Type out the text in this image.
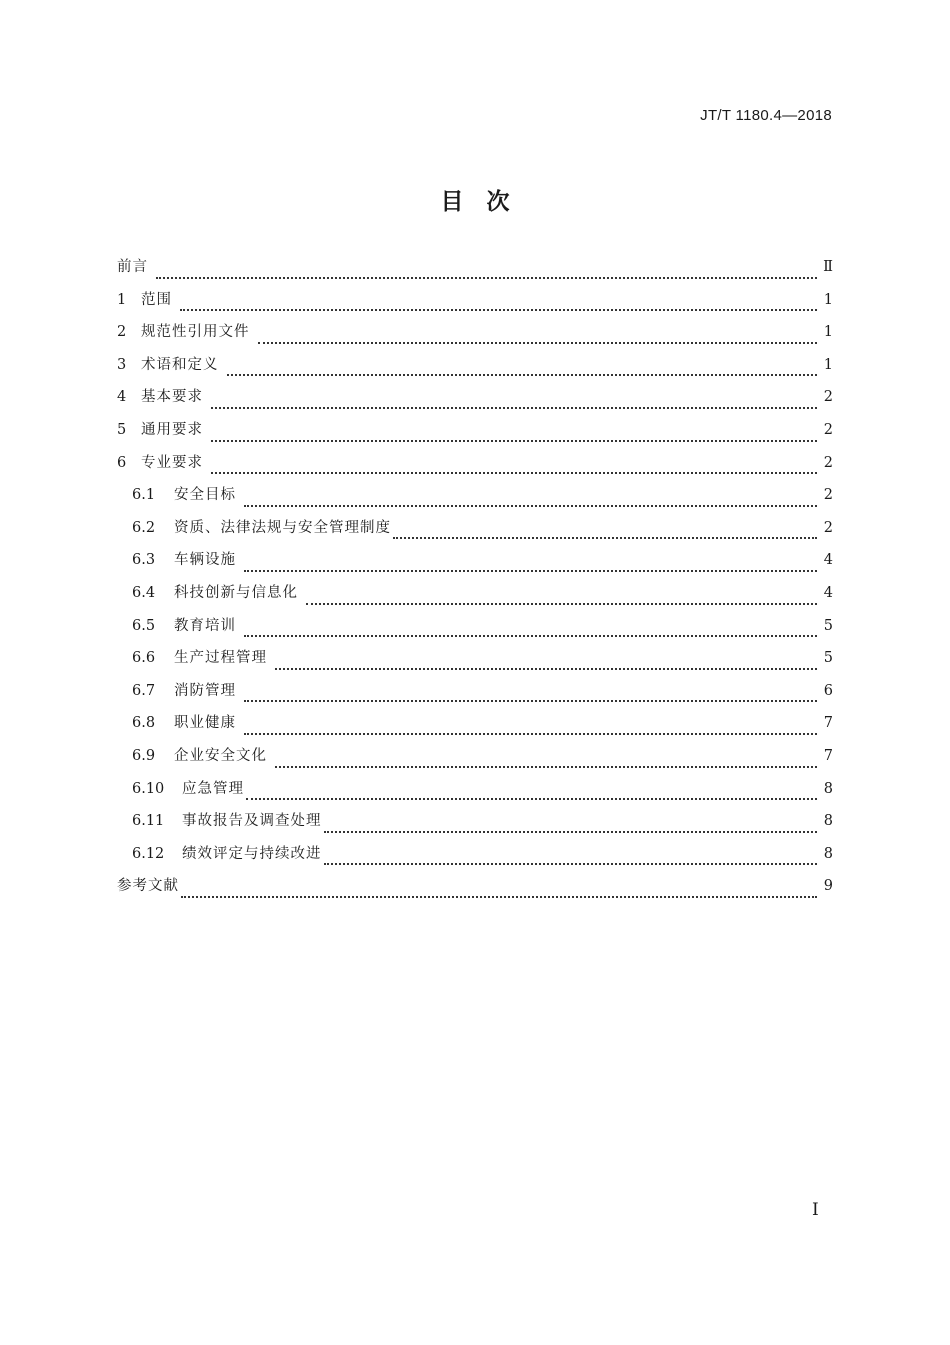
JT/T 1180.4—2018
目　次
前言	Ⅱ
1	范围	1
2	规范性引用文件	1
3	术语和定义	1
4	基本要求	2
5	通用要求	2
6	专业要求	2
6.1	安全目标	2
6.2	资质、法律法规与安全管理制度	2
6.3	车辆设施	4
6.4	科技创新与信息化	4
6.5	教育培训	5
6.6	生产过程管理	5
6.7	消防管理	6
6.8	职业健康	7
6.9	企业安全文化	7
6.10	应急管理	8
6.11	事故报告及调查处理	8
6.12	绩效评定与持续改进	8
参考文献	9
Ⅰ
